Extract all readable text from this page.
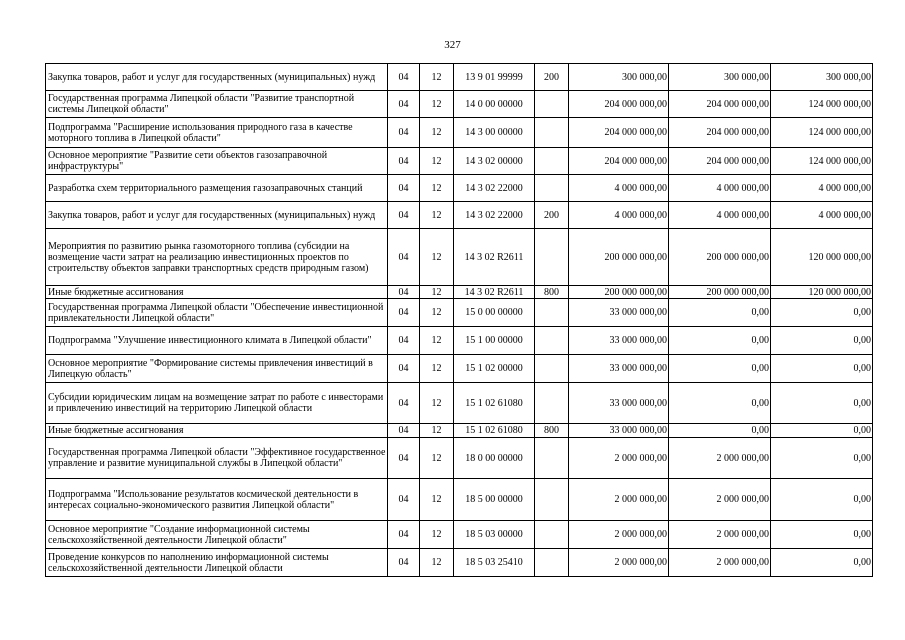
327
Закупка товаров, работ и услуг для государственных (муниципальных) нужд	04	12	13 9 01 99999	200	300 000,00	300 000,00	300 000,00
Государственная программа Липецкой области "Развитие транспортной системы Липецкой области"	04	12	14 0 00 00000		204 000 000,00	204 000 000,00	124 000 000,00
Подпрограмма "Расширение использования природного газа в качестве моторного топлива в Липецкой области"	04	12	14 3 00 00000		204 000 000,00	204 000 000,00	124 000 000,00
Основное мероприятие "Развитие сети объектов газозаправочной инфраструктуры"	04	12	14 3 02 00000		204 000 000,00	204 000 000,00	124 000 000,00
Разработка схем территориального размещения газозаправочных станций	04	12	14 3 02 22000		4 000 000,00	4 000 000,00	4 000 000,00
Закупка товаров, работ и услуг для государственных (муниципальных) нужд	04	12	14 3 02 22000	200	4 000 000,00	4 000 000,00	4 000 000,00
Мероприятия по развитию рынка газомоторного топлива (субсидии на возмещение части затрат на реализацию инвестиционных проектов по строительству объектов заправки транспортных средств природным газом)	04	12	14 3 02 R2611		200 000 000,00	200 000 000,00	120 000 000,00
Иные бюджетные ассигнования	04	12	14 3 02 R2611	800	200 000 000,00	200 000 000,00	120 000 000,00
Государственная программа Липецкой области "Обеспечение инвестиционной привлекательности Липецкой области"	04	12	15 0 00 00000		33 000 000,00	0,00	0,00
Подпрограмма "Улучшение инвестиционного климата в Липецкой области"	04	12	15 1 00 00000		33 000 000,00	0,00	0,00
Основное мероприятие "Формирование системы привлечения инвестиций в Липецкую область"	04	12	15 1 02 00000		33 000 000,00	0,00	0,00
Субсидии юридическим лицам на возмещение затрат по работе с инвесторами и привлечению инвестиций на территорию Липецкой области	04	12	15 1 02 61080		33 000 000,00	0,00	0,00
Иные бюджетные ассигнования	04	12	15 1 02 61080	800	33 000 000,00	0,00	0,00
Государственная программа Липецкой области "Эффективное государственное управление и развитие муниципальной службы в Липецкой области"	04	12	18 0 00 00000		2 000 000,00	2 000 000,00	0,00
Подпрограмма "Использование результатов космической деятельности в интересах социально-экономического развития Липецкой области"	04	12	18 5 00 00000		2 000 000,00	2 000 000,00	0,00
Основное мероприятие "Создание информационной системы сельскохозяйственной деятельности Липецкой области"	04	12	18 5 03 00000		2 000 000,00	2 000 000,00	0,00
Проведение конкурсов по наполнению информационной системы сельскохозяйственной деятельности Липецкой области	04	12	18 5 03 25410		2 000 000,00	2 000 000,00	0,00
